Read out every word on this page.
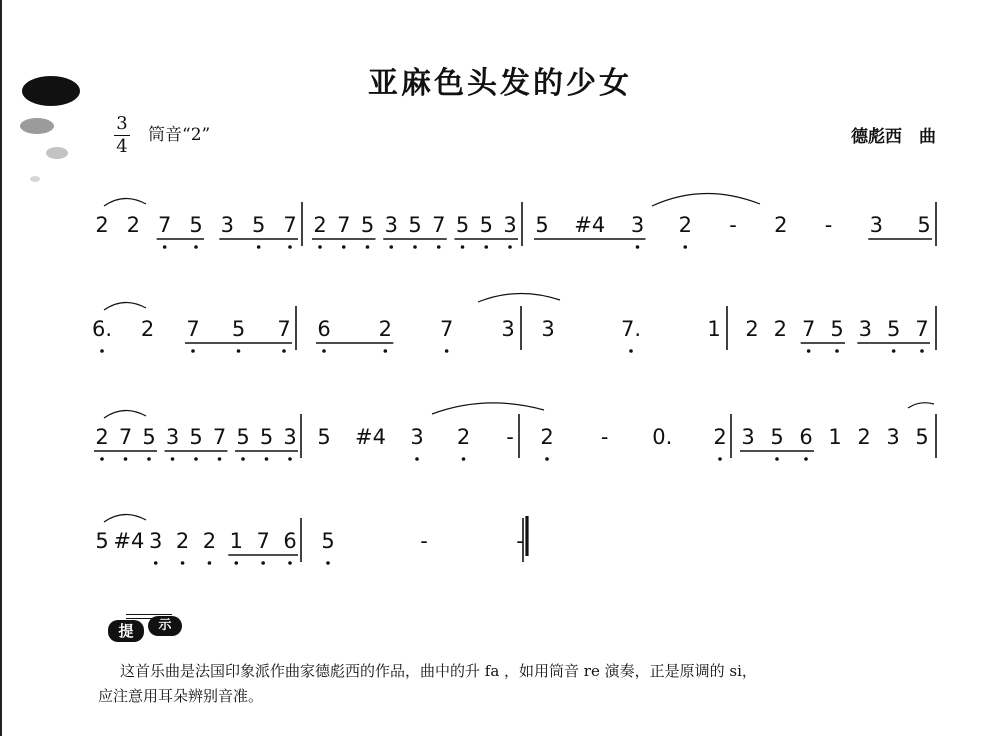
亚麻色头发的少女
3
4
筒音“2”	德彪西　曲
2 2 7 5 3 5 7 2 7 5 3 5 7 5 5 3 5 #4 3 2 - 2 - 3 5
6. 2 7 5 7 6 2 7 3 3	7.	1 2 2 7 5 3 5 7
2 7 5 3 5 7 5 5 3 5 #4 3 2 - 2 - 0. 2 3 5 6 1 2 3 5
5 #4 3 2 2 1 7 6 5	-	-
提	示

这首乐曲是法国印象派作曲家德彪西的作品，曲中的升 fa ，如用筒音 re 演奏，正是原调的 si，

应注意用耳朵辨别音准。
